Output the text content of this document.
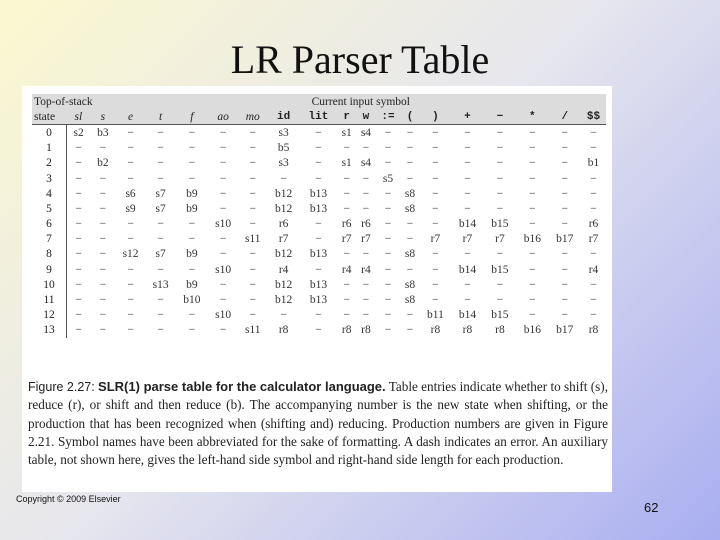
LR Parser Table
Top-of-stack			Current input symbol																
state	sl	s	e	t	f	ao	mo	id	lit	r	w	:=	(	)	+	−	*	/	$$
0	s2	b3	−	−	−	−	−	s3	−	s1	s4	−	−	−	−	−	−	−	−
1	−	−	−	−	−	−	−	b5	−	−	−	−	−	−	−	−	−	−	−
2	−	b2	−	−	−	−	−	s3	−	s1	s4	−	−	−	−	−	−	−	b1
3	−	−	−	−	−	−	−	−	−	−	−	s5	−	−	−	−	−	−	−
4	−	−	s6	s7	b9	−	−	b12	b13	−	−	−	s8	−	−	−	−	−	−
5	−	−	s9	s7	b9	−	−	b12	b13	−	−	−	s8	−	−	−	−	−	−
6	−	−	−	−	−	s10	−	r6	−	r6	r6	−	−	−	b14	b15	−	−	r6
7	−	−	−	−	−	−	s11	r7	−	r7	r7	−	−	r7	r7	r7	b16	b17	r7
8	−	−	s12	s7	b9	−	−	b12	b13	−	−	−	s8	−	−	−	−	−	−
9	−	−	−	−	−	s10	−	r4	−	r4	r4	−	−	−	b14	b15	−	−	r4
10	−	−	−	s13	b9	−	−	b12	b13	−	−	−	s8	−	−	−	−	−	−
11	−	−	−	−	b10	−	−	b12	b13	−	−	−	s8	−	−	−	−	−	−
12	−	−	−	−	−	s10	−	−	−	−	−	−	−	b11	b14	b15	−	−	−
13	−	−	−	−	−	−	s11	r8	−	r8	r8	−	−	r8	r8	r8	b16	b17	r8
Figure 2.27: SLR(1) parse table for the calculator language. Table entries indicate whether to shift (s), reduce (r), or shift and then reduce (b). The accompanying number is the new state when shifting, or the production that has been recognized when (shifting and) reducing. Production numbers are given in Figure 2.21. Symbol names have been abbreviated for the sake of formatting. A dash indicates an error. An auxiliary table, not shown here, gives the left-hand side symbol and right-hand side length for each production.
Copyright © 2009 Elsevier
62
